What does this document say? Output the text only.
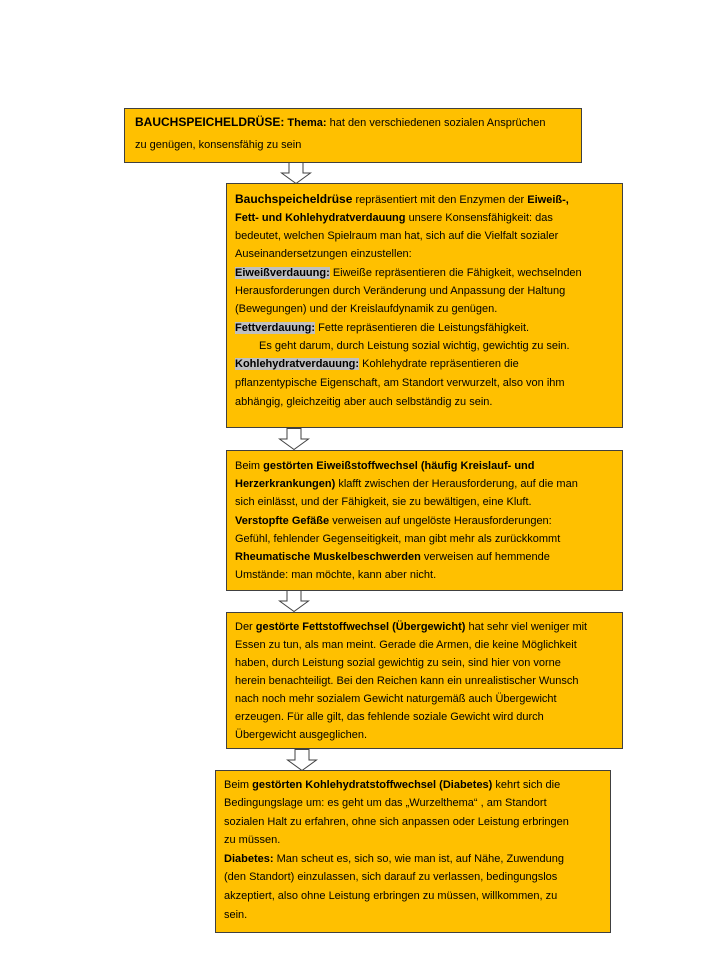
BAUCHSPEICHELDRÜSE: Thema: hat den verschiedenen sozialen Ansprüchen
zu genügen, konsensfähig zu sein
Bauchspeicheldrüse repräsentiert mit den Enzymen der Eiweiß-,
Fett- und Kohlehydratverdauung unsere Konsensfähigkeit: das
bedeutet, welchen Spielraum man hat, sich auf die Vielfalt sozialer
Auseinandersetzungen einzustellen:
Eiweißverdauung: Eiweiße repräsentieren die Fähigkeit, wechselnden
Herausforderungen durch Veränderung und Anpassung der Haltung
(Bewegungen) und der Kreislaufdynamik zu genügen.
Fettverdauung: Fette repräsentieren die Leistungsfähigkeit.
Es geht darum, durch Leistung sozial wichtig, gewichtig zu sein.
Kohlehydratverdauung: Kohlehydrate repräsentieren die
pflanzentypische Eigenschaft, am Standort verwurzelt, also von ihm
abhängig, gleichzeitig aber auch selbständig zu sein.
Beim gestörten Eiweißstoffwechsel (häufig Kreislauf- und
Herzerkrankungen) klafft zwischen der Herausforderung, auf die man
sich einlässt, und der Fähigkeit, sie zu bewältigen, eine Kluft.
Verstopfte Gefäße verweisen auf ungelöste Herausforderungen:
Gefühl, fehlender Gegenseitigkeit, man gibt mehr als zurückkommt
Rheumatische Muskelbeschwerden verweisen auf hemmende
Umstände: man möchte, kann aber nicht.
Der gestörte Fettstoffwechsel (Übergewicht) hat sehr viel weniger mit
Essen zu tun, als man meint. Gerade die Armen, die keine Möglichkeit
haben, durch Leistung sozial gewichtig zu sein, sind hier von vorne
herein benachteiligt. Bei den Reichen kann ein unrealistischer Wunsch
nach noch mehr sozialem Gewicht naturgemäß auch Übergewicht
erzeugen. Für alle gilt, das fehlende soziale Gewicht wird durch
Übergewicht ausgeglichen.
Beim gestörten Kohlehydratstoffwechsel (Diabetes) kehrt sich die
Bedingungslage um: es geht um das „Wurzelthema“ , am Standort
sozialen Halt zu erfahren, ohne sich anpassen oder Leistung erbringen
zu müssen.
Diabetes: Man scheut es, sich so, wie man ist, auf Nähe, Zuwendung
(den Standort) einzulassen, sich darauf zu verlassen, bedingungslos
akzeptiert, also ohne Leistung erbringen zu müssen, willkommen, zu
sein.
